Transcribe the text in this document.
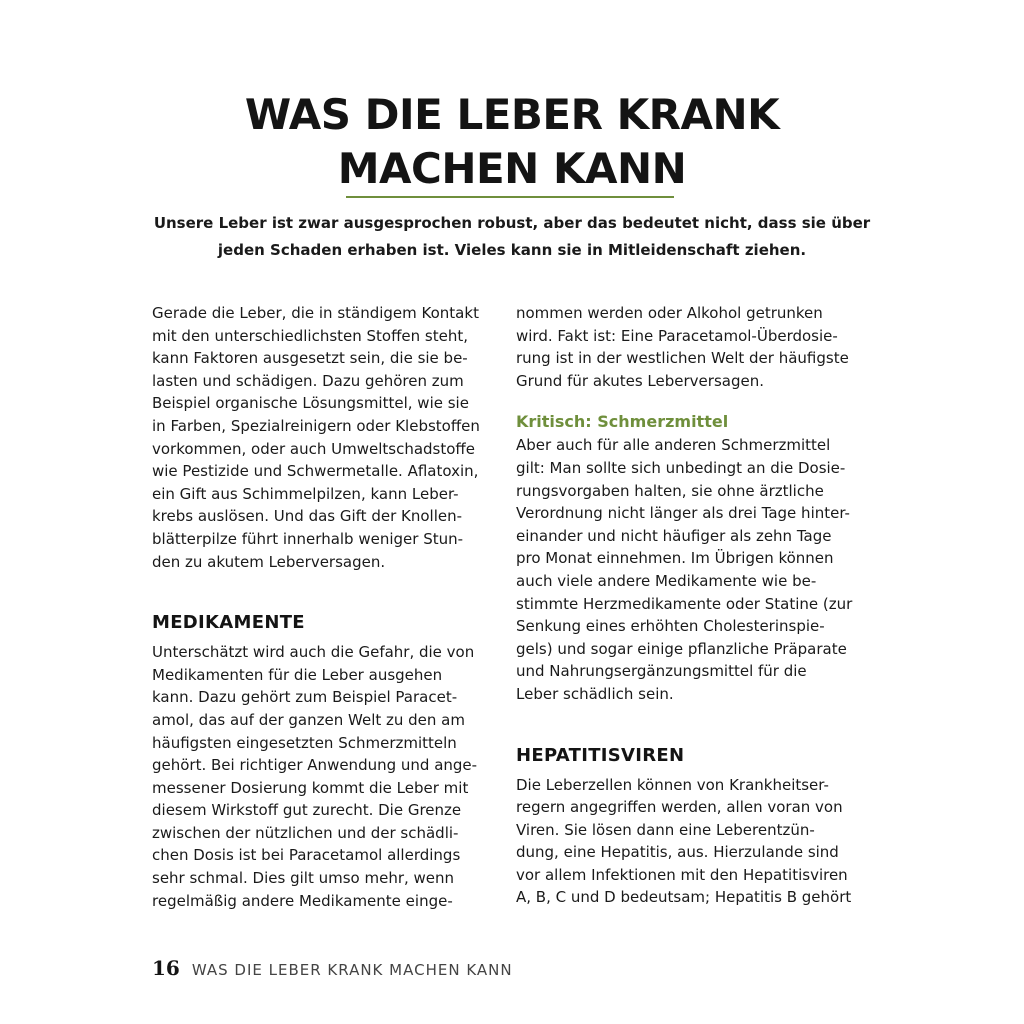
WAS DIE LEBER KRANK
MACHEN KANN

Unsere Leber ist zwar ausgesprochen robust, aber das bedeutet nicht, dass sie über
jeden Schaden erhaben ist. Vieles kann sie in Mitleidenschaft ziehen.

Gerade die Leber, die in ständigem Kontakt
mit den unterschiedlichsten Stoffen steht,
kann Faktoren ausgesetzt sein, die sie be-
lasten und schädigen. Dazu gehören zum
Beispiel organische Lösungsmittel, wie sie
in Farben, Spezialreinigern oder Klebstoffen
vorkommen, oder auch Umweltschadstoffe
wie Pestizide und Schwermetalle. Aflatoxin,
ein Gift aus Schimmelpilzen, kann Leber-
krebs auslösen. Und das Gift der Knollen-
blätterpilze führt innerhalb weniger Stun-
den zu akutem Leberversagen.
MEDIKAMENTE
Unterschätzt wird auch die Gefahr, die von
Medikamenten für die Leber ausgehen
kann. Dazu gehört zum Beispiel Paracet-
amol, das auf der ganzen Welt zu den am
häufigsten eingesetzten Schmerzmitteln
gehört. Bei richtiger Anwendung und ange-
messener Dosierung kommt die Leber mit
diesem Wirkstoff gut zurecht. Die Grenze
zwischen der nützlichen und der schädli-
chen Dosis ist bei Paracetamol allerdings
sehr schmal. Dies gilt umso mehr, wenn
regelmäßig andere Medikamente einge-
nommen werden oder Alkohol getrunken
wird. Fakt ist: Eine Paracetamol-Überdosie-
rung ist in der westlichen Welt der häufigste
Grund für akutes Leberversagen.
Kritisch: Schmerzmittel
Aber auch für alle anderen Schmerzmittel
gilt: Man sollte sich unbedingt an die Dosie-
rungsvorgaben halten, sie ohne ärztliche
Verordnung nicht länger als drei Tage hinter-
einander und nicht häufiger als zehn Tage
pro Monat einnehmen. Im Übrigen können
auch viele andere Medikamente wie be-
stimmte Herzmedikamente oder Statine (zur
Senkung eines erhöhten Cholesterinspie-
gels) und sogar einige pflanzliche Präparate
und Nahrungsergänzungsmittel für die
Leber schädlich sein.
HEPATITISVIREN
Die Leberzellen können von Krankheitser-
regern angegriffen werden, allen voran von
Viren. Sie lösen dann eine Leberentzün-
dung, eine Hepatitis, aus. Hierzulande sind
vor allem Infektionen mit den Hepatitisviren
A, B, C und D bedeutsam; Hepatitis B gehört
16 WAS DIE LEBER KRANK MACHEN KANN
